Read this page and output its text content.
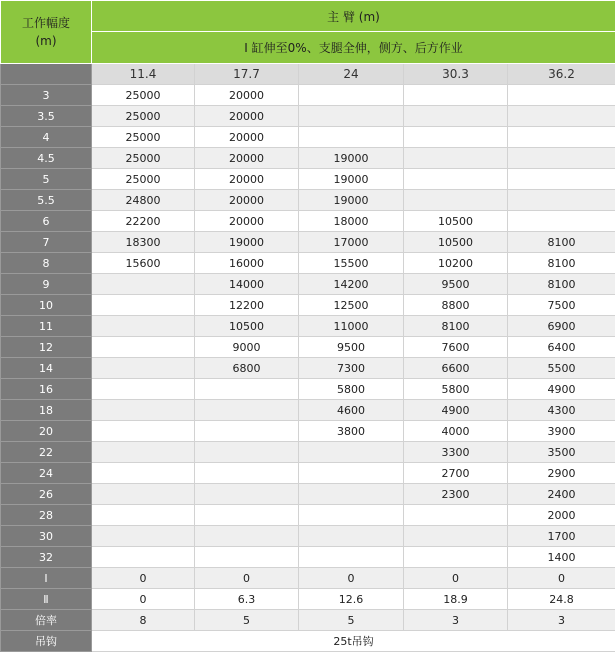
工作幅度
(m)	主 臂 (m)				
	Ⅰ 缸伸至0%、支腿全伸，侧方、后方作业				
	11.4	17.7	24	30.3	36.2
3	25000	20000			
3.5	25000	20000			
4	25000	20000			
4.5	25000	20000	19000		
5	25000	20000	19000		
5.5	24800	20000	19000		
6	22200	20000	18000	10500	
7	18300	19000	17000	10500	8100
8	15600	16000	15500	10200	8100
9		14000	14200	9500	8100
10		12200	12500	8800	7500
11		10500	11000	8100	6900
12		9000	9500	7600	6400
14		6800	7300	6600	5500
16			5800	5800	4900
18			4600	4900	4300
20			3800	4000	3900
22				3300	3500
24				2700	2900
26				2300	2400
28					2000
30					1700
32					1400
Ⅰ	0	0	0	0	0
Ⅱ	0	6.3	12.6	18.9	24.8
倍率	8	5	5	3	3
吊钩	25t吊钩				
